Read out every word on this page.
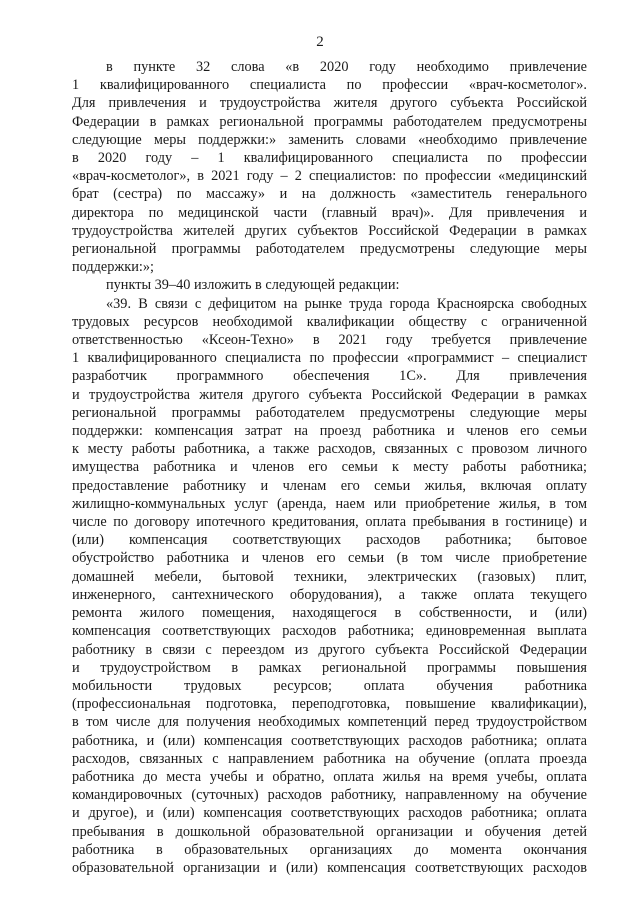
2
в пункте 32 слова «в 2020 году необходимо привлечение
1 квалифицированного специалиста по профессии «врач-косметолог».
Для привлечения и трудоустройства жителя другого субъекта Российской
Федерации в рамках региональной программы работодателем предусмотрены
следующие меры поддержки:» заменить словами «необходимо привлечение
в 2020 году – 1 квалифицированного специалиста по профессии
«врач-косметолог», в 2021 году – 2 специалистов: по профессии «медицинский
брат (сестра) по массажу» и на должность «заместитель генерального
директора по медицинской части (главный врач)». Для привлечения и
трудоустройства жителей других субъектов Российской Федерации в рамках
региональной программы работодателем предусмотрены следующие меры
поддержки:»;
пункты 39–40 изложить в следующей редакции:
«39. В связи с дефицитом на рынке труда города Красноярска свободных
трудовых ресурсов необходимой квалификации обществу с ограниченной
ответственностью «Ксеон-Техно» в 2021 году требуется привлечение
1 квалифицированного специалиста по профессии «программист – специалист
разработчик программного обеспечения 1С». Для привлечения
и трудоустройства жителя другого субъекта Российской Федерации в рамках
региональной программы работодателем предусмотрены следующие меры
поддержки: компенсация затрат на проезд работника и членов его семьи
к месту работы работника, а также расходов, связанных с провозом личного
имущества работника и членов его семьи к месту работы работника;
предоставление работнику и членам его семьи жилья, включая оплату
жилищно-коммунальных услуг (аренда, наем или приобретение жилья, в том
числе по договору ипотечного кредитования, оплата пребывания в гостинице) и
(или) компенсация соответствующих расходов работника; бытовое
обустройство работника и членов его семьи (в том числе приобретение
домашней мебели, бытовой техники, электрических (газовых) плит,
инженерного, сантехнического оборудования), а также оплата текущего
ремонта жилого помещения, находящегося в собственности, и (или)
компенсация соответствующих расходов работника; единовременная выплата
работнику в связи с переездом из другого субъекта Российской Федерации
и трудоустройством в рамках региональной программы повышения
мобильности трудовых ресурсов; оплата обучения работника
(профессиональная подготовка, переподготовка, повышение квалификации),
в том числе для получения необходимых компетенций перед трудоустройством
работника, и (или) компенсация соответствующих расходов работника; оплата
расходов, связанных с направлением работника на обучение (оплата проезда
работника до места учебы и обратно, оплата жилья на время учебы, оплата
командировочных (суточных) расходов работнику, направленному на обучение
и другое), и (или) компенсация соответствующих расходов работника; оплата
пребывания в дошкольной образовательной организации и обучения детей
работника в образовательных организациях до момента окончания
образовательной организации и (или) компенсация соответствующих расходов
